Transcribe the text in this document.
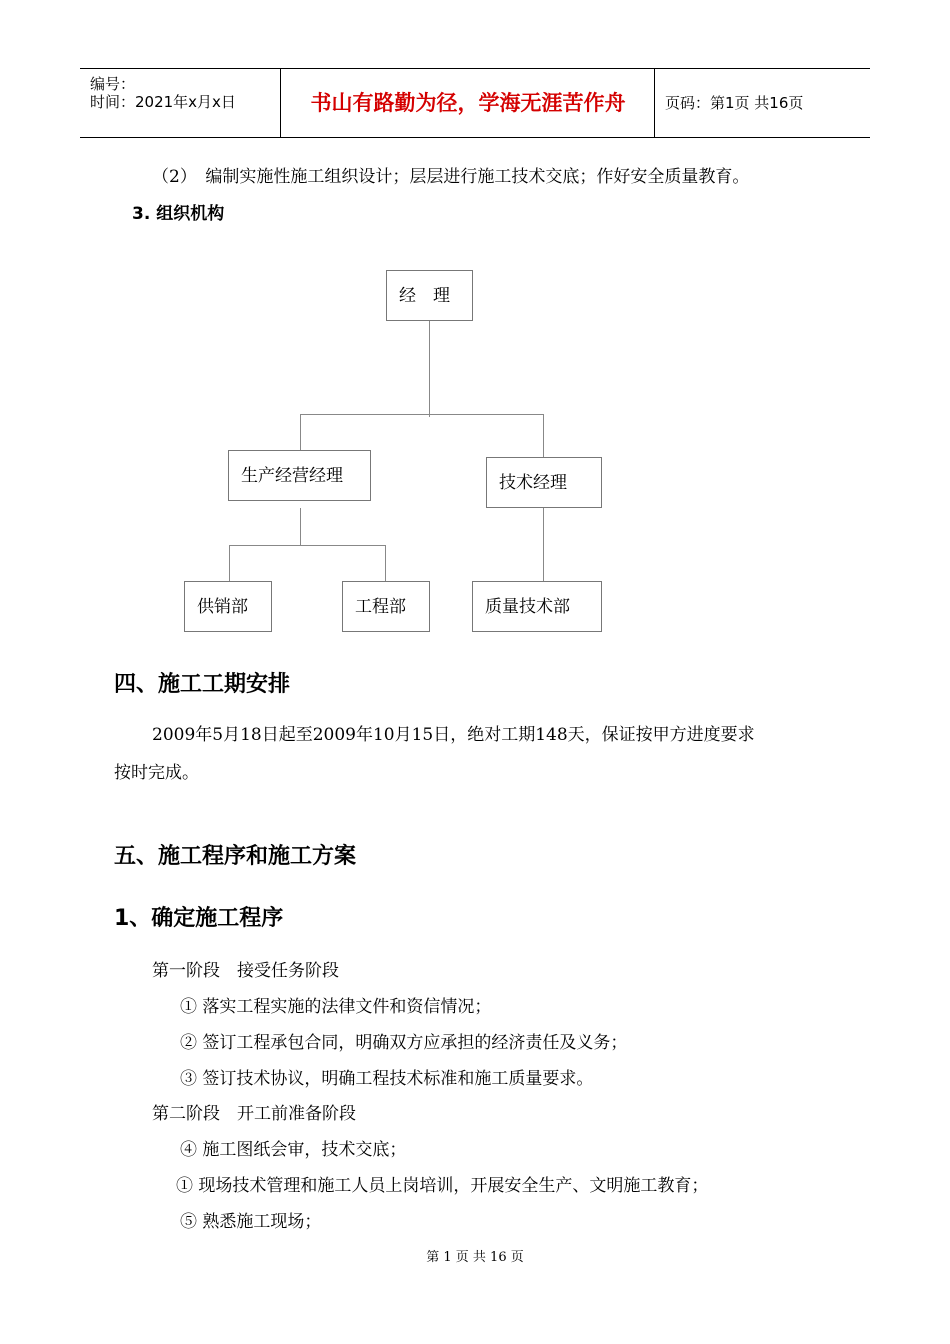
编号：
时间：2021年x月x日	书山有路勤为径，学海无涯苦作舟	页码：第1页 共16页
（2）　编制实施性施工组织设计；层层进行施工技术交底；作好安全质量教育。
3. 组织机构
经　理
生产经营经理	技术经理
供销部	工程部	质量技术部
四、施工工期安排
2009年5月18日起至2009年10月15日，绝对工期148天，保证按甲方进度要求
按时完成。
五、施工程序和施工方案
1、确定施工程序
第一阶段　接受任务阶段
① 落实工程实施的法律文件和资信情况；
② 签订工程承包合同，明确双方应承担的经济责任及义务；
③ 签订技术协议，明确工程技术标准和施工质量要求。
第二阶段　开工前准备阶段
④ 施工图纸会审，技术交底；
① 现场技术管理和施工人员上岗培训，开展安全生产、文明施工教育；
⑤ 熟悉施工现场；
第 1 页 共 16 页
